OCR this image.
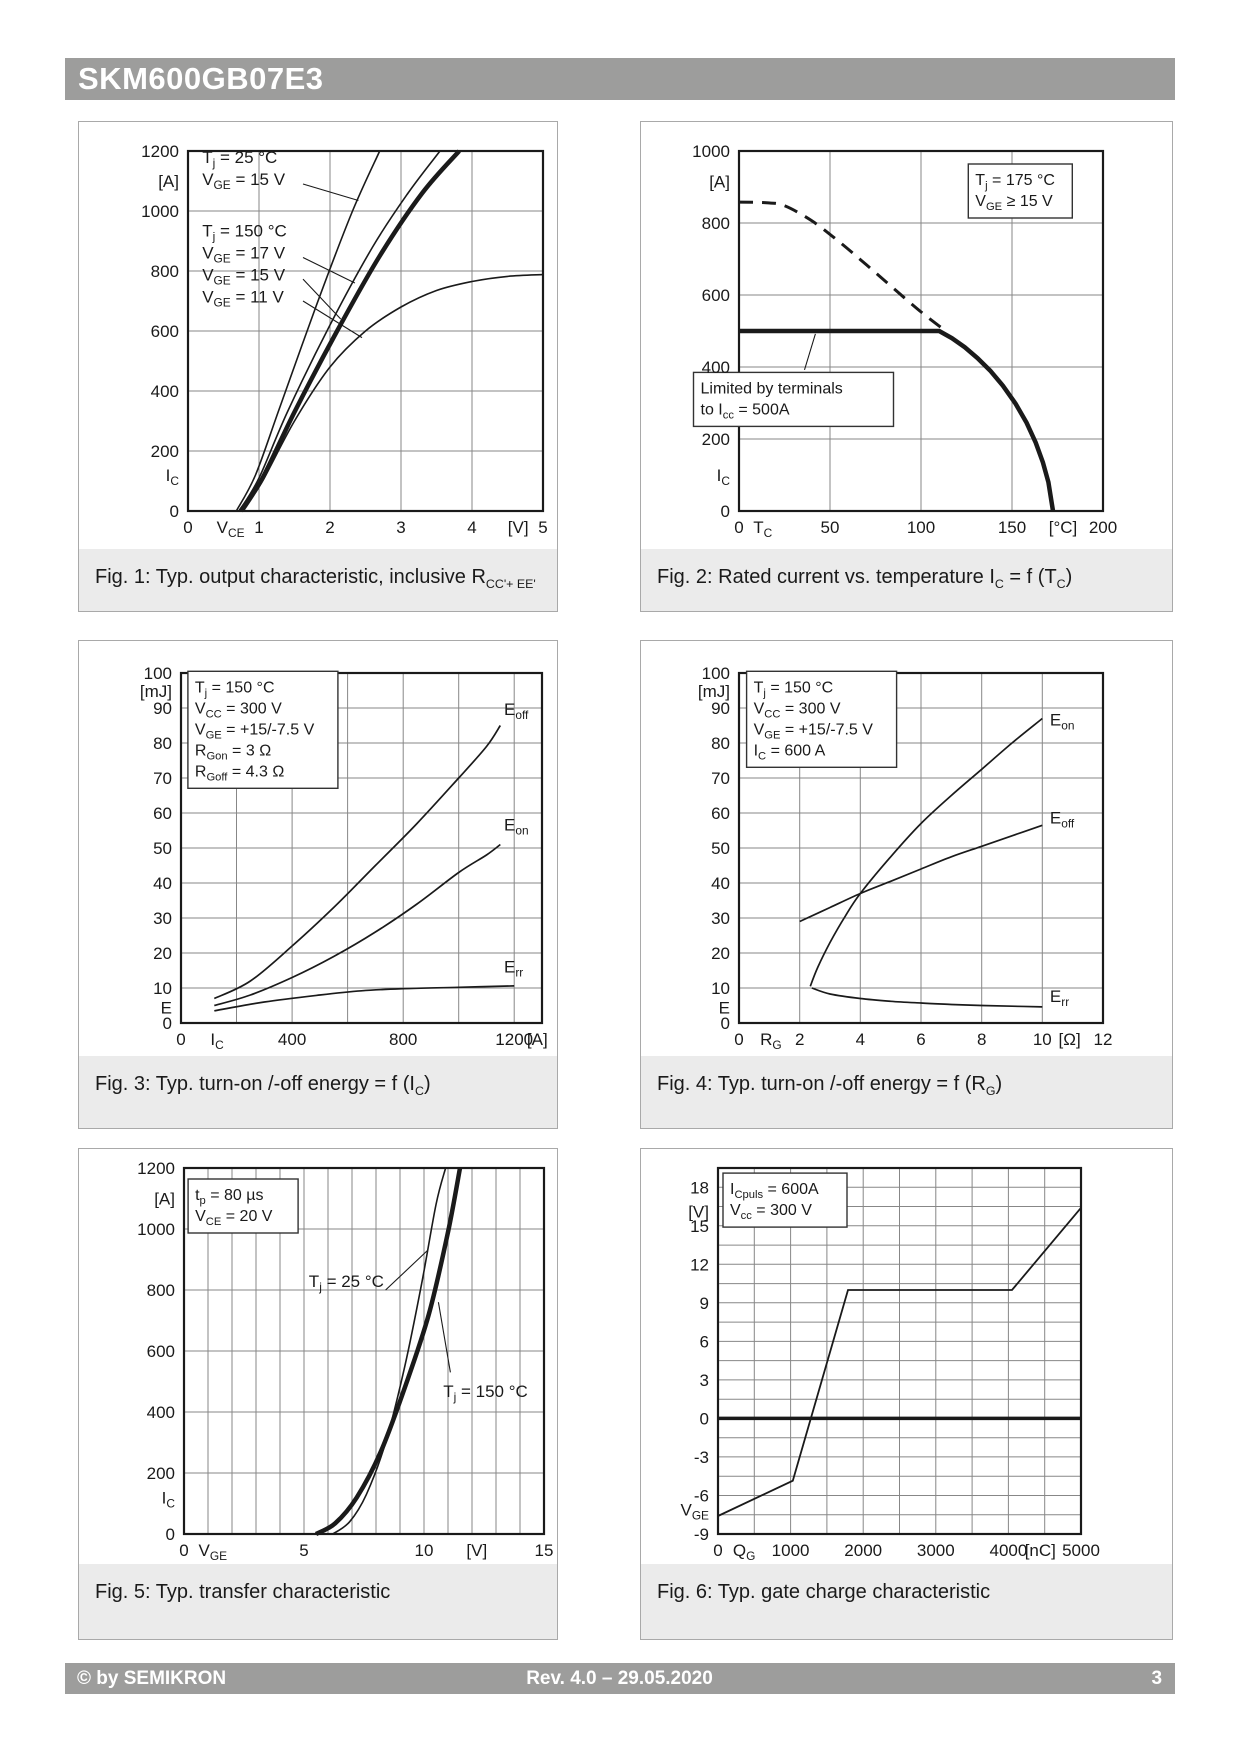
SKM600GB07E3
$T_j = 25$ °C
$V_{GE} = 15$ V
$T_j = 150$ °C
$V_{GE} = 17$ V
$V_{GE} = 15$ V
$V_{GE} = 11$ V
1200
[A]
1000
800
600
400
200
$I_C$
0
0 $V_{CE}$ 1	2	3	4 [V] 5
Fig. 1: Typ. output characteristic, inclusive $R_{CC'+ EE'}$
$T_j = 175$ °C
$V_{GE} \ge 15$ V
Limited by terminals
to $I_{cc} = 500A$
1000
[A]
800
600
400
200
$I_C$
0
0 $T_C$	50	100	150 [°C] 200
Fig. 2: Rated current vs. temperature $I_C = f$ $(T_C)$
$E_{off}$
$E_{on}$
$E_{rr}$
$T_j = 150$ °C
$V_{CC} = 300$ V
$V_{GE} = +15/-7.5$ V
$R_{Gon} = 3$ Ω
$R_{Goff} = 4.3$ Ω
100
[mJ]
90
80
70
60
50
40
30
20
10
E
0
0 $I_C$	400	800	1200
[A]
Fig. 3: Typ. turn-on /-off energy = f $(I_C)$
$E_{on}$
$E_{off}$
$E_{rr}$
$T_j = 150$ °C
$V_{CC} = 300$ V
$V_{GE} = +15/-7.5$ V
$I_C = 600$ A
100
[mJ]
90
80
70
60
50
40
30
20
10
E
0
0 $R_G$ 2	4	6	8	10 [Ω] 12
Fig. 4: Typ. turn-on /-off energy = f $(R_G)$
$t_p = 80$ µs
$V_{CE} = 20$ V
$T_j = 25$ °C
$T_j = 150$ °C
1200
[A]
1000
800
600
400
200
$I_C$
0
0 $V_{GE}$	5	10 [V]	15
Fig. 5: Typ. transfer characteristic
$I_{Cpuls} = 600A$
$V_{cc} = 300$ V
18
[V]
15
12
9
6
3
0
-3
-6
$V_{GE}$
-9
0 $Q_G$ 1000 2000 3000 4000
[nC] 5000
Fig. 6: Typ. gate charge characteristic
© by SEMIKRON	Rev. 4.0 – 29.05.2020	3
